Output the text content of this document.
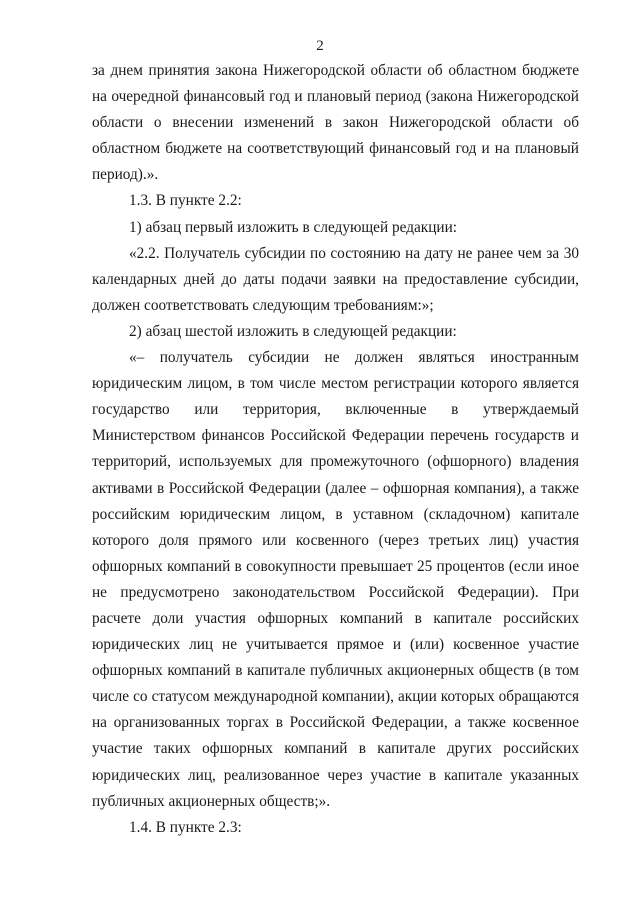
2

за днем принятия закона Нижегородской области об областном бюджете на очередной финансовый год и плановый период (закона Нижегородской области о внесении изменений в закон Нижегородской области об областном бюджете на соответствующий финансовый год и на плановый период).».

1.3. В пункте 2.2:

1) абзац первый изложить в следующей редакции:

«2.2. Получатель субсидии по состоянию на дату не ранее чем за 30 календарных дней до даты подачи заявки на предоставление субсидии, должен соответствовать следующим требованиям:»;

2) абзац шестой изложить в следующей редакции:

«– получатель субсидии не должен являться иностранным юридическим лицом, в том числе местом регистрации которого является государство или территория, включенные в утверждаемый Министерством финансов Российской Федерации перечень государств и территорий, используемых для промежуточного (офшорного) владения активами в Российской Федерации (далее – офшорная компания), а также российским юридическим лицом, в уставном (складочном) капитале которого доля прямого или косвенного (через третьих лиц) участия офшорных компаний в совокупности превышает 25 процентов (если иное не предусмотрено законодательством Российской Федерации). При расчете доли участия офшорных компаний в капитале российских юридических лиц не учитывается прямое и (или) косвенное участие офшорных компаний в капитале публичных акционерных обществ (в том числе со статусом международной компании), акции которых обращаются на организованных торгах в Российской Федерации, а также косвенное участие таких офшорных компаний в капитале других российских юридических лиц, реализованное через участие в капитале указанных публичных акционерных обществ;».

1.4. В пункте 2.3:
